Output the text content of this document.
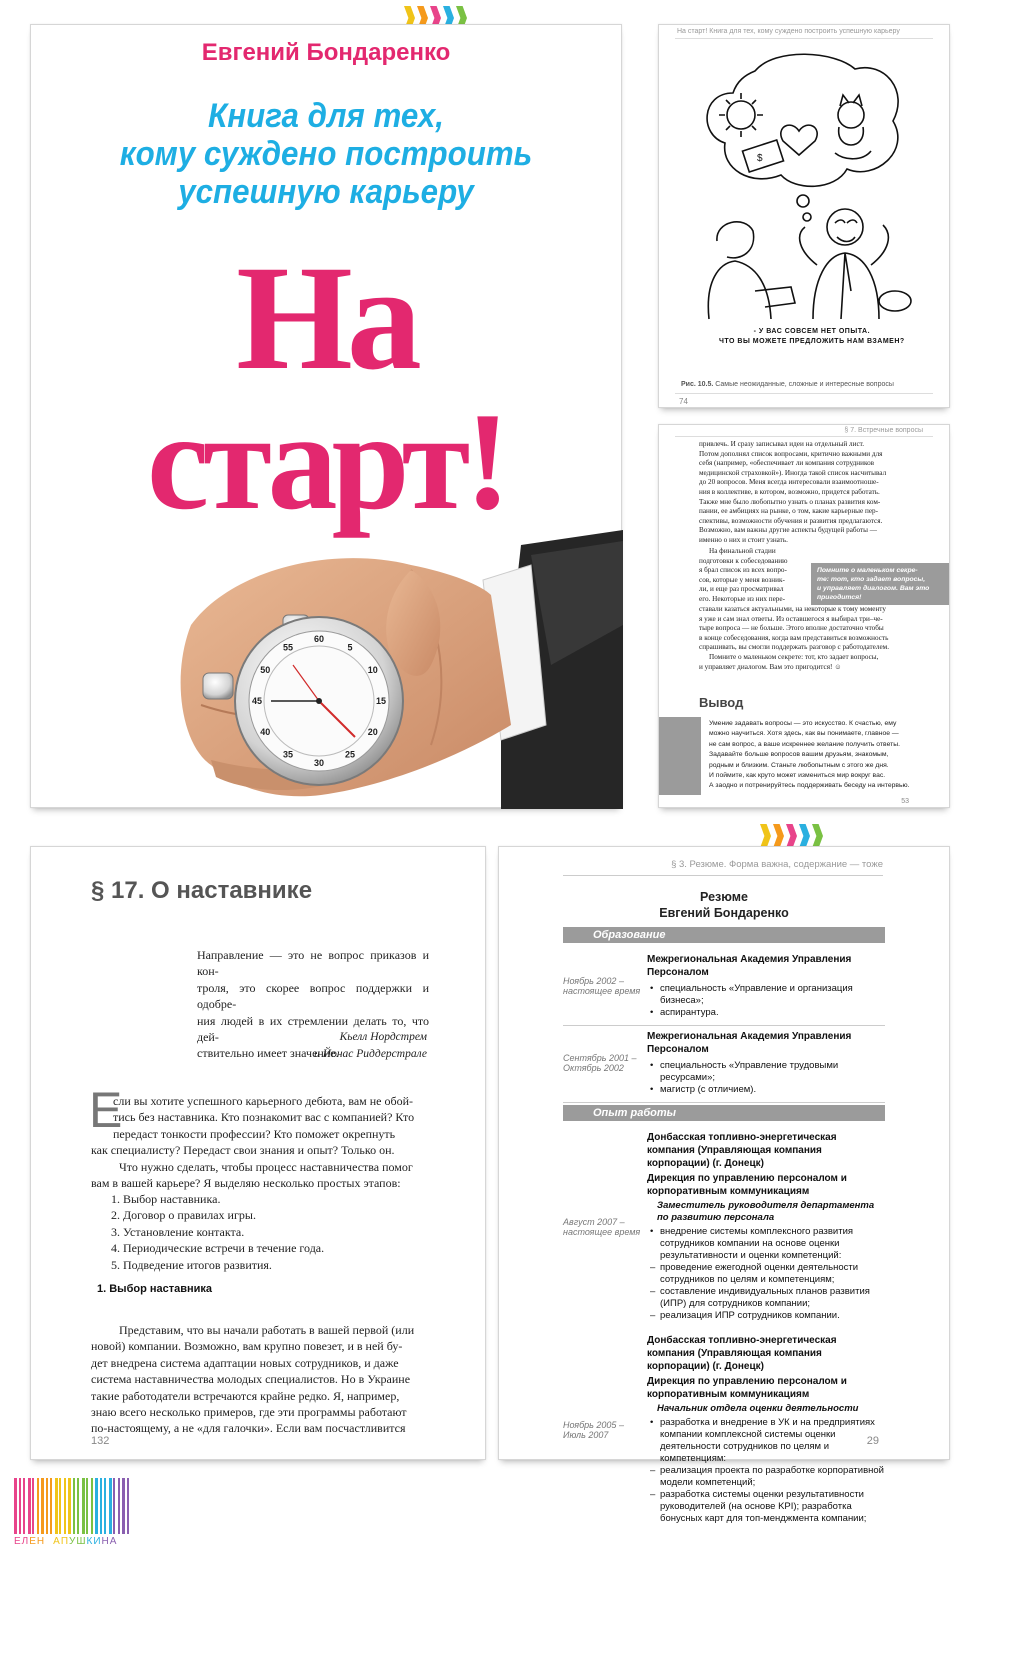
Евгений Бондаренко
Книга для тех,
кому суждено построить
успешную карьеру
На
старт!
60
5
10
15
20
25
30
35
40
45
50
55
На старт! Книга для тех, кому суждено построить успешную карьеру
$
- У ВАС СОВСЕМ НЕТ ОПЫТА.
ЧТО ВЫ МОЖЕТЕ ПРЕДЛОЖИТЬ НАМ ВЗАМЕН?
Рис. 10.5. Самые неожиданные, сложные и интересные вопросы
74
§ 7. Встречные вопросы
привлечь. И сразу записывал идеи на отдельный лист.
Потом дополнял список вопросами, критично важными для
себя (например, «обеспечивает ли компания сотрудников
медицинской страховкой»). Иногда такой список насчитывал
до 20 вопросов. Меня всегда интересовали взаимоотноше-
ния в коллективе, в котором, возможно, придется работать.
Также мне было любопытно узнать о планах развития ком-
пании, ее амбициях на рынке, о том, какие карьерные пер-
спективы, возможности обучения и развития предлагаются.
Возможно, вам важны другие аспекты будущей работы —
именно о них и стоит узнать.
На финальной стадии
подготовки к собеседованию
я брал список из всех вопро-
сов, которые у меня возник-
ли, и еще раз просматривал
его. Некоторые из них пере-
Помните о маленьком секре-
те: тот, кто задает вопросы,
и управляет диалогом. Вам это
пригодится!
ставали казаться актуальными, на некоторые к тому моменту
я уже и сам знал ответы. Из оставшегося я выбирал три–че-
тыре вопроса — не больше. Этого вполне достаточно чтобы
в конце собеседования, когда вам представиться возможность
спрашивать, вы смогли поддержать разговор с работодателем.
Помните о маленьком секрете: тот, кто задает вопросы,
и управляет диалогом. Вам это пригодится! ☺
Вывод
Умение задавать вопросы — это искусство. К счастью, ему
можно научиться. Хотя здесь, как вы понимаете, главное —
не сам вопрос, а ваше искреннее желание получить ответы.
Задавайте больше вопросов вашим друзьям, знакомым,
родным и близким. Станьте любопытным с этого же дня.
И поймите, как круто может измениться мир вокруг вас.
А заодно и потренируйтесь поддерживать беседу на интервью.
53
§ 17. О наставнике
Направление — это не вопрос приказов и кон-
троля, это скорее вопрос поддержки и одобре-
ния людей в их стремлении делать то, что дей-
ствительно имеет значение.
Кьелл Нордстрем
и Йонас Риддерстрале
Е
сли вы хотите успешного карьерного дебюта, вам не обой-
тись без наставника. Кто познакомит вас с компанией? Кто
передаст тонкости профессии? Кто поможет окрепнуть
как специалисту? Передаст свои знания и опыт? Только он.
Что нужно сделать, чтобы процесс наставничества помог
вам в вашей карьере? Я выделяю несколько простых этапов:
1. Выбор наставника.
2. Договор о правилах игры.
3. Установление контакта.
4. Периодические встречи в течение года.
5. Подведение итогов развития.
1. Выбор наставника
Представим, что вы начали работать в вашей первой (или
новой) компании. Возможно, вам крупно повезет, и в ней бу-
дет внедрена система адаптации новых сотрудников, и даже
система наставничества молодых специалистов. Но в Украине
такие работодатели встречаются крайне редко. Я, например,
знаю всего несколько примеров, где эти программы работают
по-настоящему, а не «для галочки». Если вам посчастливится
132
§ 3. Резюме. Форма важна, содержание — тоже
Резюме
Евгений Бондаренко
Образование
Ноябрь 2002 – настоящее время
Межрегиональная Академия Управления Персоналом
• специальность «Управление и организация бизнеса»;
• аспирантура.
Сентябрь 2001 – Октябрь 2002
Межрегиональная Академия Управления Персоналом
• специальность «Управление трудовыми ресурсами»;
• магистр (с отличием).
Опыт работы
Август 2007 – настоящее время
Донбасская топливно-энергетическая компания (Управляющая компания корпорации) (г. Донецк)
Дирекция по управлению персоналом и корпоративным коммуникациям
Заместитель руководителя департамента по развитию персонала
• внедрение системы комплексного развития сотрудников компании на основе оценки результативности и оценки компетенций:
– проведение ежегодной оценки деятельности сотрудников по целям и компетенциям;
– составление индивидуальных планов развития (ИПР) для сотрудников компании;
– реализация ИПР сотрудников компании.
Ноябрь 2005 – Июль 2007
Донбасская топливно-энергетическая компания (Управляющая компания корпорации) (г. Донецк)
Дирекция по управлению персоналом и корпоративным коммуникациям
Начальник отдела оценки деятельности
• разработка и внедрение в УК и на предприятиях компании комплексной системы оценки деятельности сотрудников по целям и компетенциям:
– реализация проекта по разработке корпоративной модели компетенций;
– разработка системы оценки результативности руководителей (на основе KPI); разработка бонусных карт для топ-менджмента компании;
29
Е Л Е Н А П У Ш К И Н А
